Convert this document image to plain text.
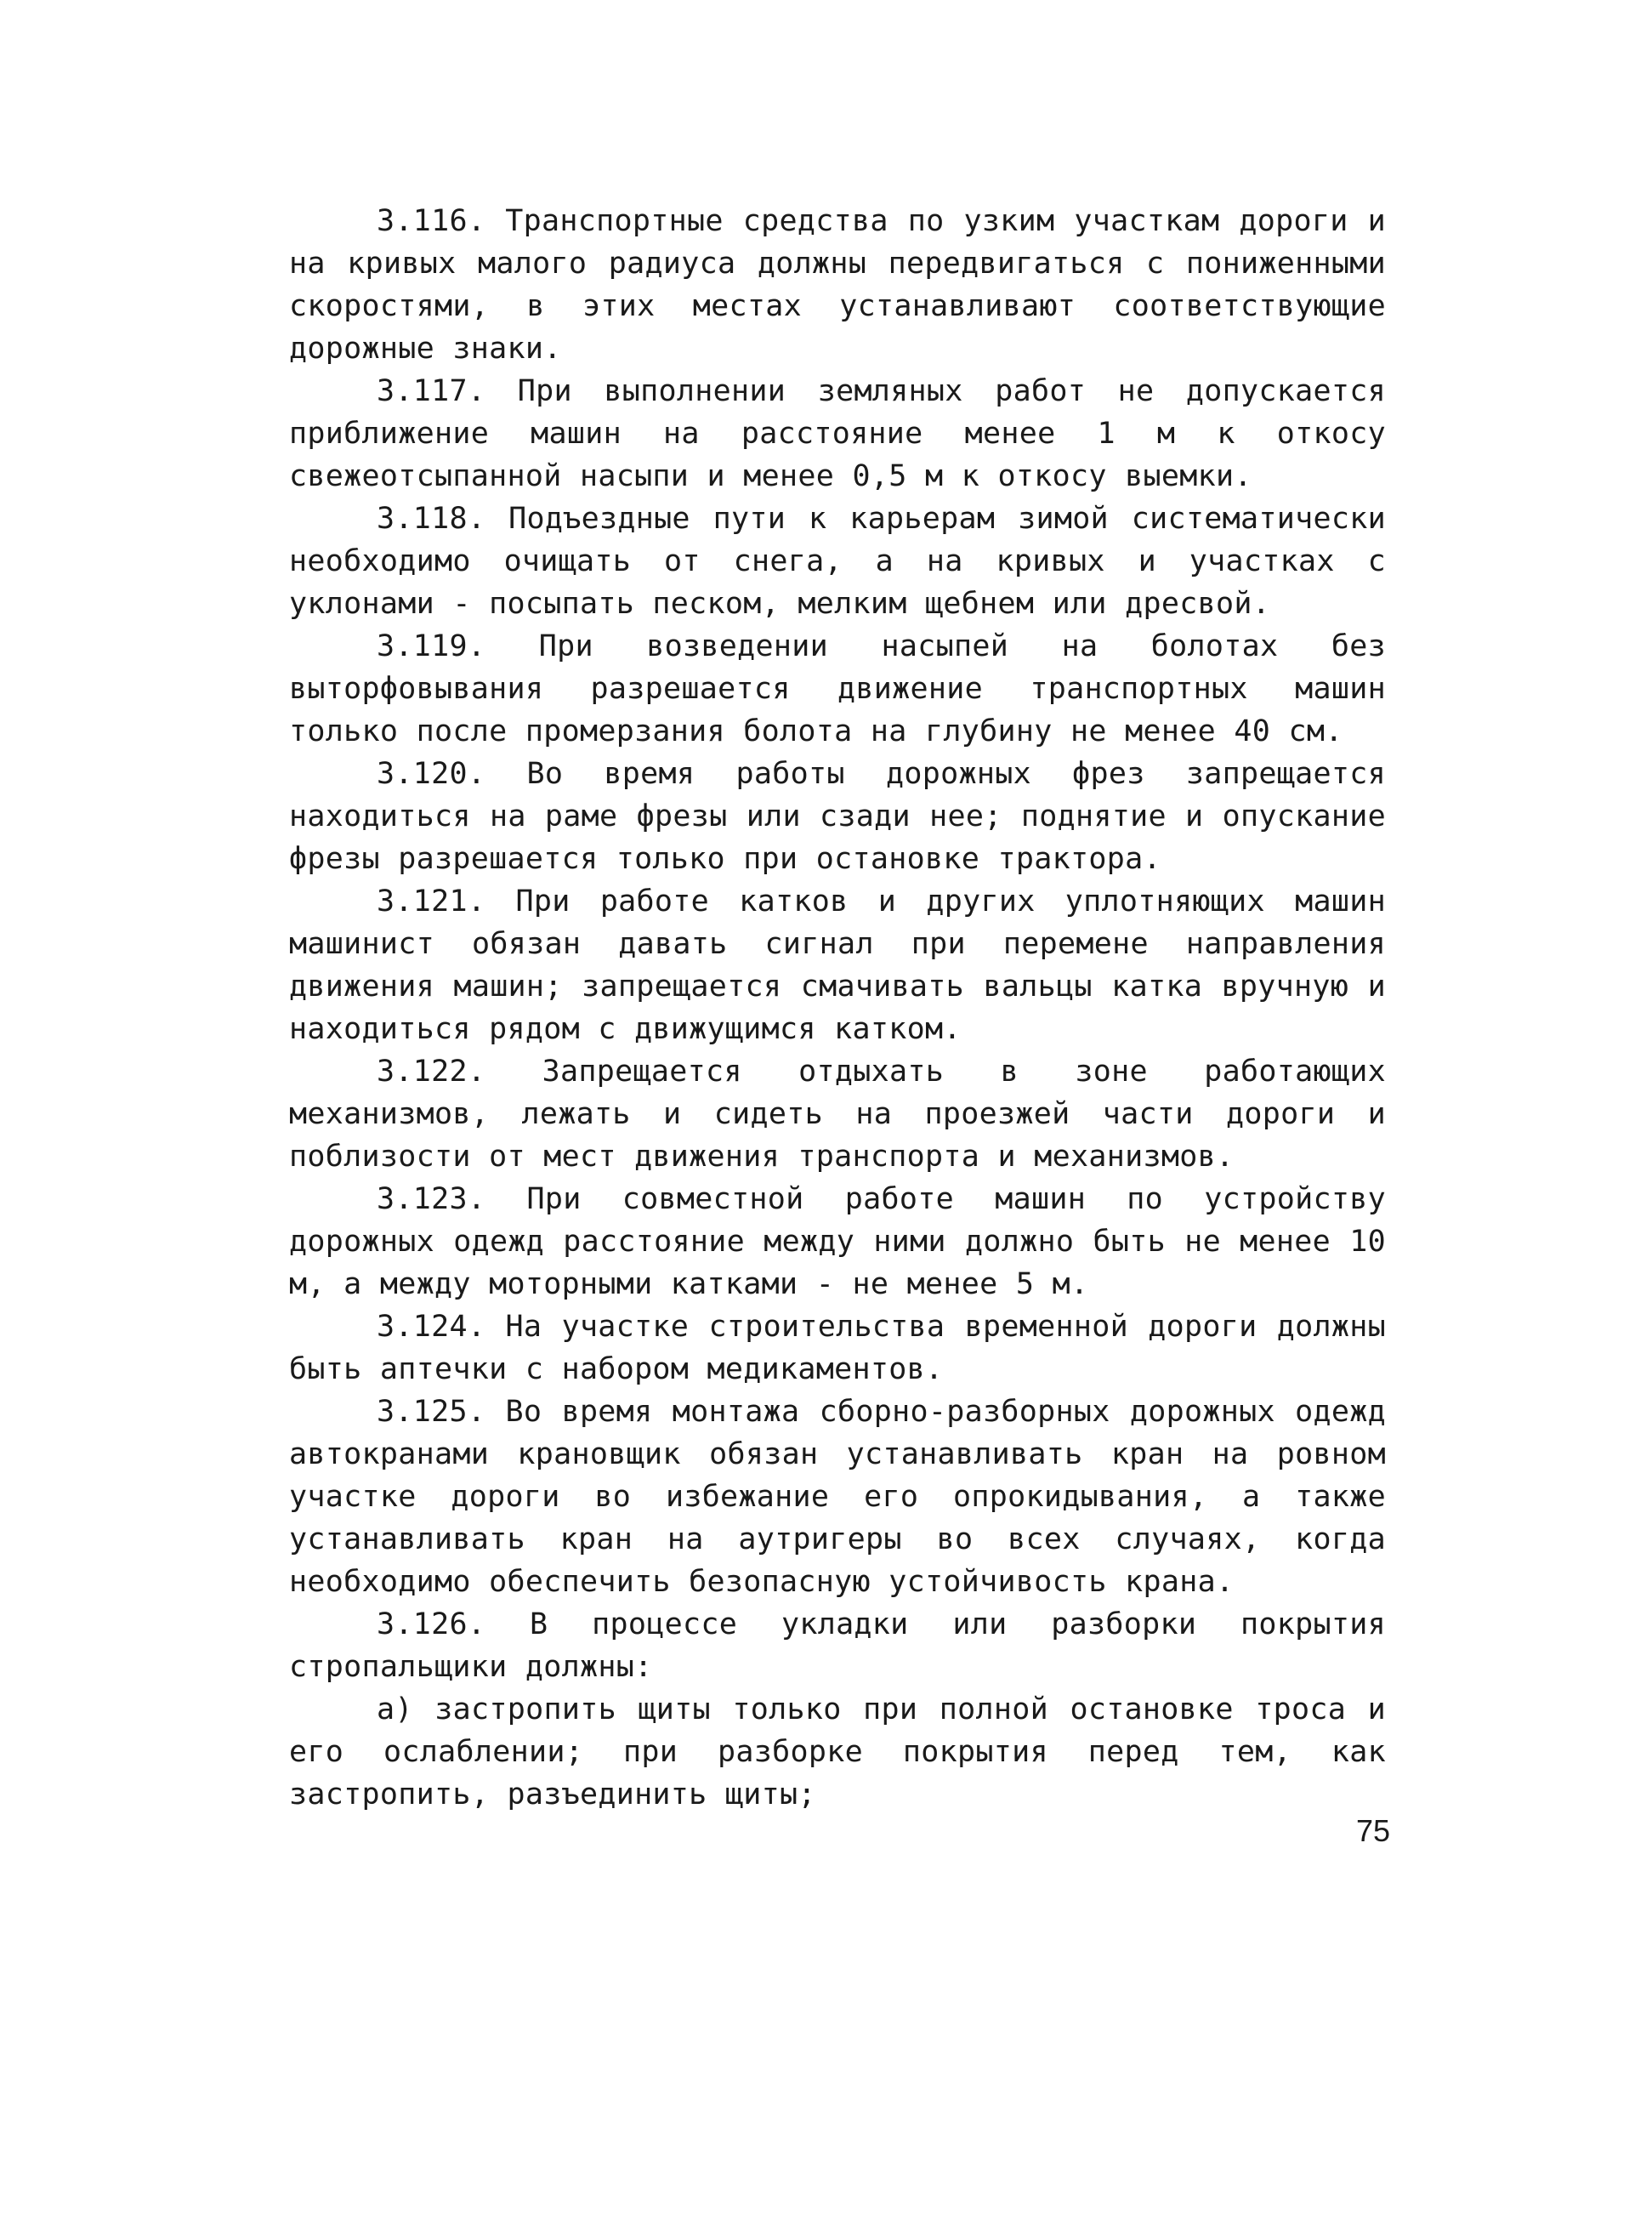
3.116. Транспортные средства по узким участкам дороги и на кривых малого радиуса должны передвигаться с пониженными скоростями, в этих местах устанавливают соответствующие дорожные знаки.

3.117. При выполнении земляных работ не допускается приближение машин на расстояние менее 1 м к откосу свежеотсыпанной насыпи и менее 0,5 м к откосу выемки.

3.118. Подъездные пути к карьерам зимой систематически необходимо очищать от снега, а на кривых и участках с уклонами - посыпать песком, мелким щебнем или дресвой.

3.119. При возведении насыпей на болотах без выторфовывания разрешается движение транспортных машин только после промерзания болота на глубину не менее 40 см.

3.120. Во время работы дорожных фрез запрещается находиться на раме фрезы или сзади нее; поднятие и опускание фрезы разрешается только при остановке трактора.

3.121. При работе катков и других уплотняющих машин машинист обязан давать сигнал при перемене направления движения машин; запрещается смачивать вальцы катка вручную и находиться рядом с движущимся катком.

3.122. Запрещается отдыхать в зоне работающих механизмов, лежать и сидеть на проезжей части дороги и поблизости от мест движения транспорта и механизмов.

3.123. При совместной работе машин по устройству дорожных одежд расстояние между ними должно быть не менее 10 м, а между моторными катками - не менее 5 м.

3.124. На участке строительства временной дороги должны быть аптечки с набором медикаментов.

3.125. Во время монтажа сборно-разборных дорожных одежд автокранами крановщик обязан устанавливать кран на ровном участке дороги во избежание его опрокидывания, а также устанавливать кран на аутригеры во всех случаях, когда необходимо обеспечить безопасную устойчивость крана.

3.126. В процессе укладки или разборки покрытия стропальщики должны:

а) застропить щиты только при полной остановке троса и его ослаблении; при разборке покрытия перед тем, как застропить, разъединить щиты;

75
